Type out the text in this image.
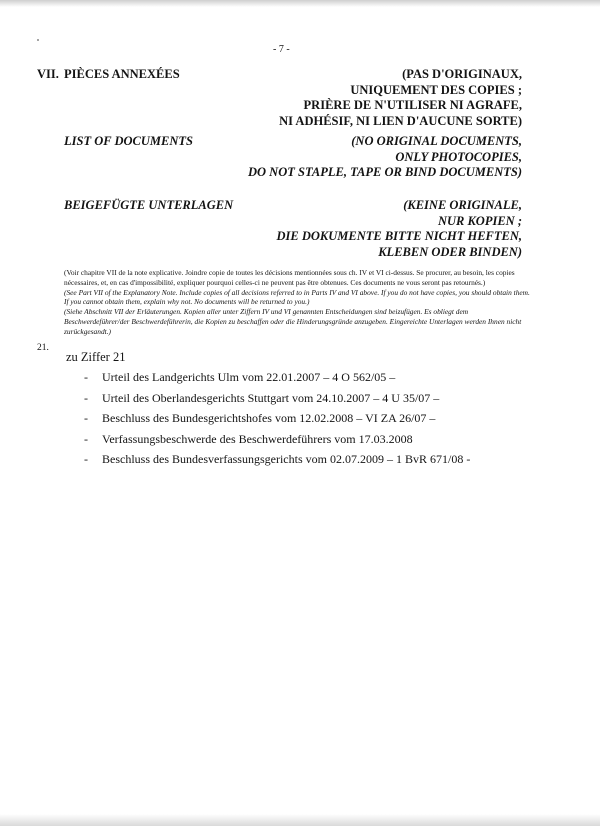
- 7 -
VII. PIÈCES ANNEXÉES	(PAS D'ORIGINAUX,
UNIQUEMENT DES COPIES ;
PRIÈRE DE N'UTILISER NI AGRAFE,
NI ADHÉSIF, NI LIEN D'AUCUNE SORTE)
LIST OF DOCUMENTS	(NO ORIGINAL DOCUMENTS,
ONLY PHOTOCOPIES,
DO NOT STAPLE, TAPE OR BIND DOCUMENTS)
BEIGEFÜGTE UNTERLAGEN	(KEINE ORIGINALE,
NUR KOPIEN ;
DIE DOKUMENTE BITTE NICHT HEFTEN,
KLEBEN ODER BINDEN)

(Voir chapitre VII de la note explicative. Joindre copie de toutes les décisions mentionnées sous ch. IV et VI ci-dessus. Se procurer, au besoin, les copies nécessaires, et, en cas d'impossibilité, expliquer pourquoi celles-ci ne peuvent pas être obtenues. Ces documents ne vous seront pas retournés.)

(See Part VII of the Explanatory Note. Include copies of all decisions referred to in Parts IV and VI above. If you do not have copies, you should obtain them. If you cannot obtain them, explain why not. No documents will be returned to you.)

(Siehe Abschnitt VII der Erläuterungen. Kopien aller unter Ziffern IV und VI genannten Entscheidungen sind beizufügen. Es obliegt dem Beschwerdeführer/der Beschwerdeführerin, die Kopien zu beschaffen oder die Hinderungsgründe anzugeben. Eingereichte Unterlagen werden Ihnen nicht zurückgesandt.)

21.
zu Ziffer 21
- Urteil des Landgerichts Ulm vom 22.01.2007 – 4 O 562/05 –
- Urteil des Oberlandesgerichts Stuttgart vom 24.10.2007 – 4 U 35/07 –
- Beschluss des Bundesgerichtshofes vom 12.02.2008 – VI ZA 26/07 –
- Verfassungsbeschwerde des Beschwerdeführers vom 17.03.2008
- Beschluss des Bundesverfassungsgerichts vom 02.07.2009 – 1 BvR 671/08 -
